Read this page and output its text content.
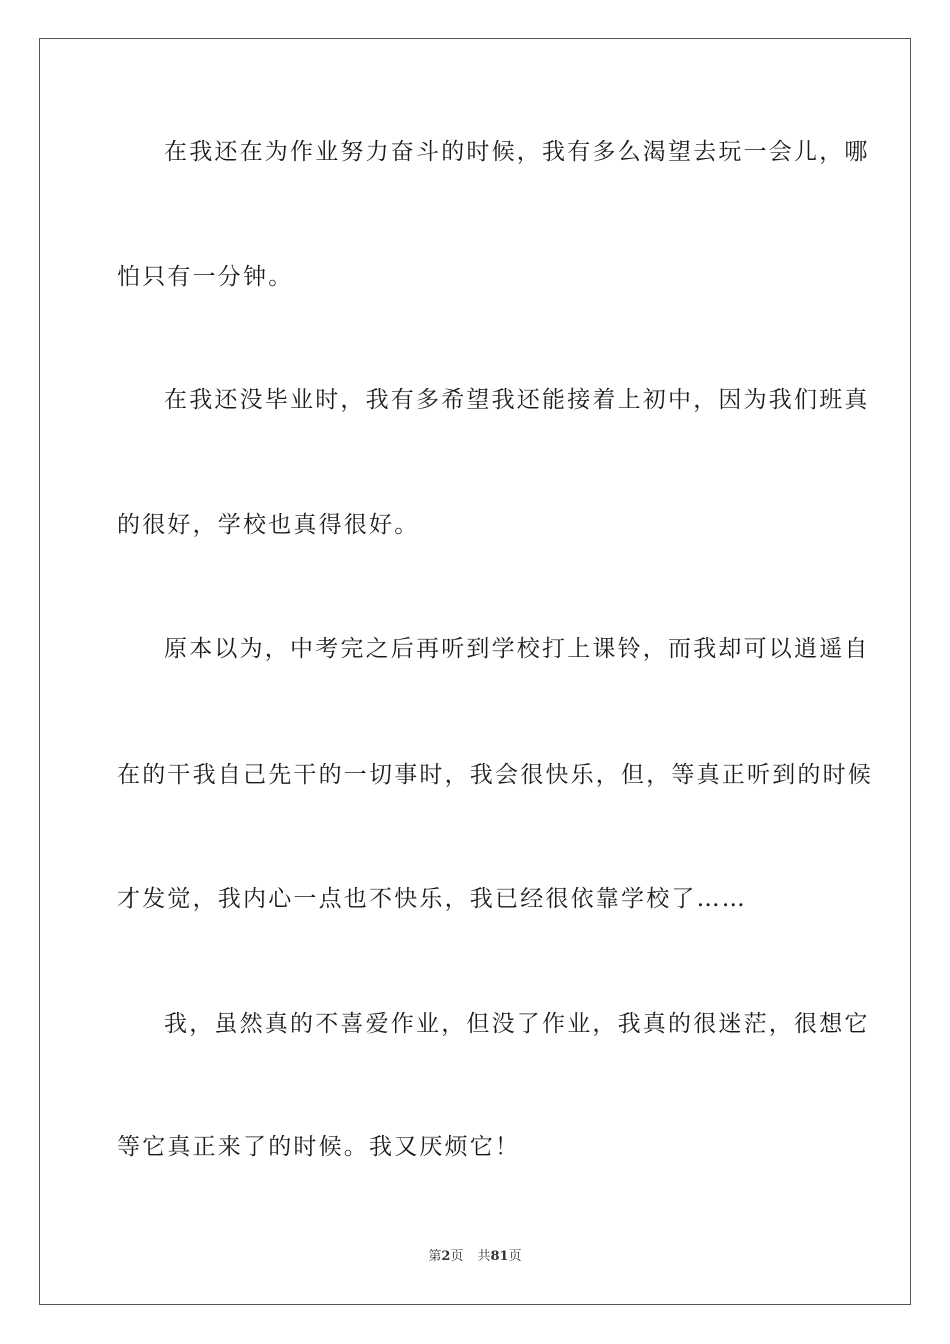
在我还在为作业努力奋斗的时候，我有多么渴望去玩一会儿，哪
怕只有一分钟。
在我还没毕业时，我有多希望我还能接着上初中，因为我们班真
的很好，学校也真得很好。
原本以为，中考完之后再听到学校打上课铃，而我却可以逍遥自
在的干我自己先干的一切事时，我会很快乐，但，等真正听到的时候
才发觉，我内心一点也不快乐，我已经很依靠学校了……
我，虽然真的不喜爱作业，但没了作业，我真的很迷茫，很想它
等它真正来了的时候。我又厌烦它！
第2页 共81页
